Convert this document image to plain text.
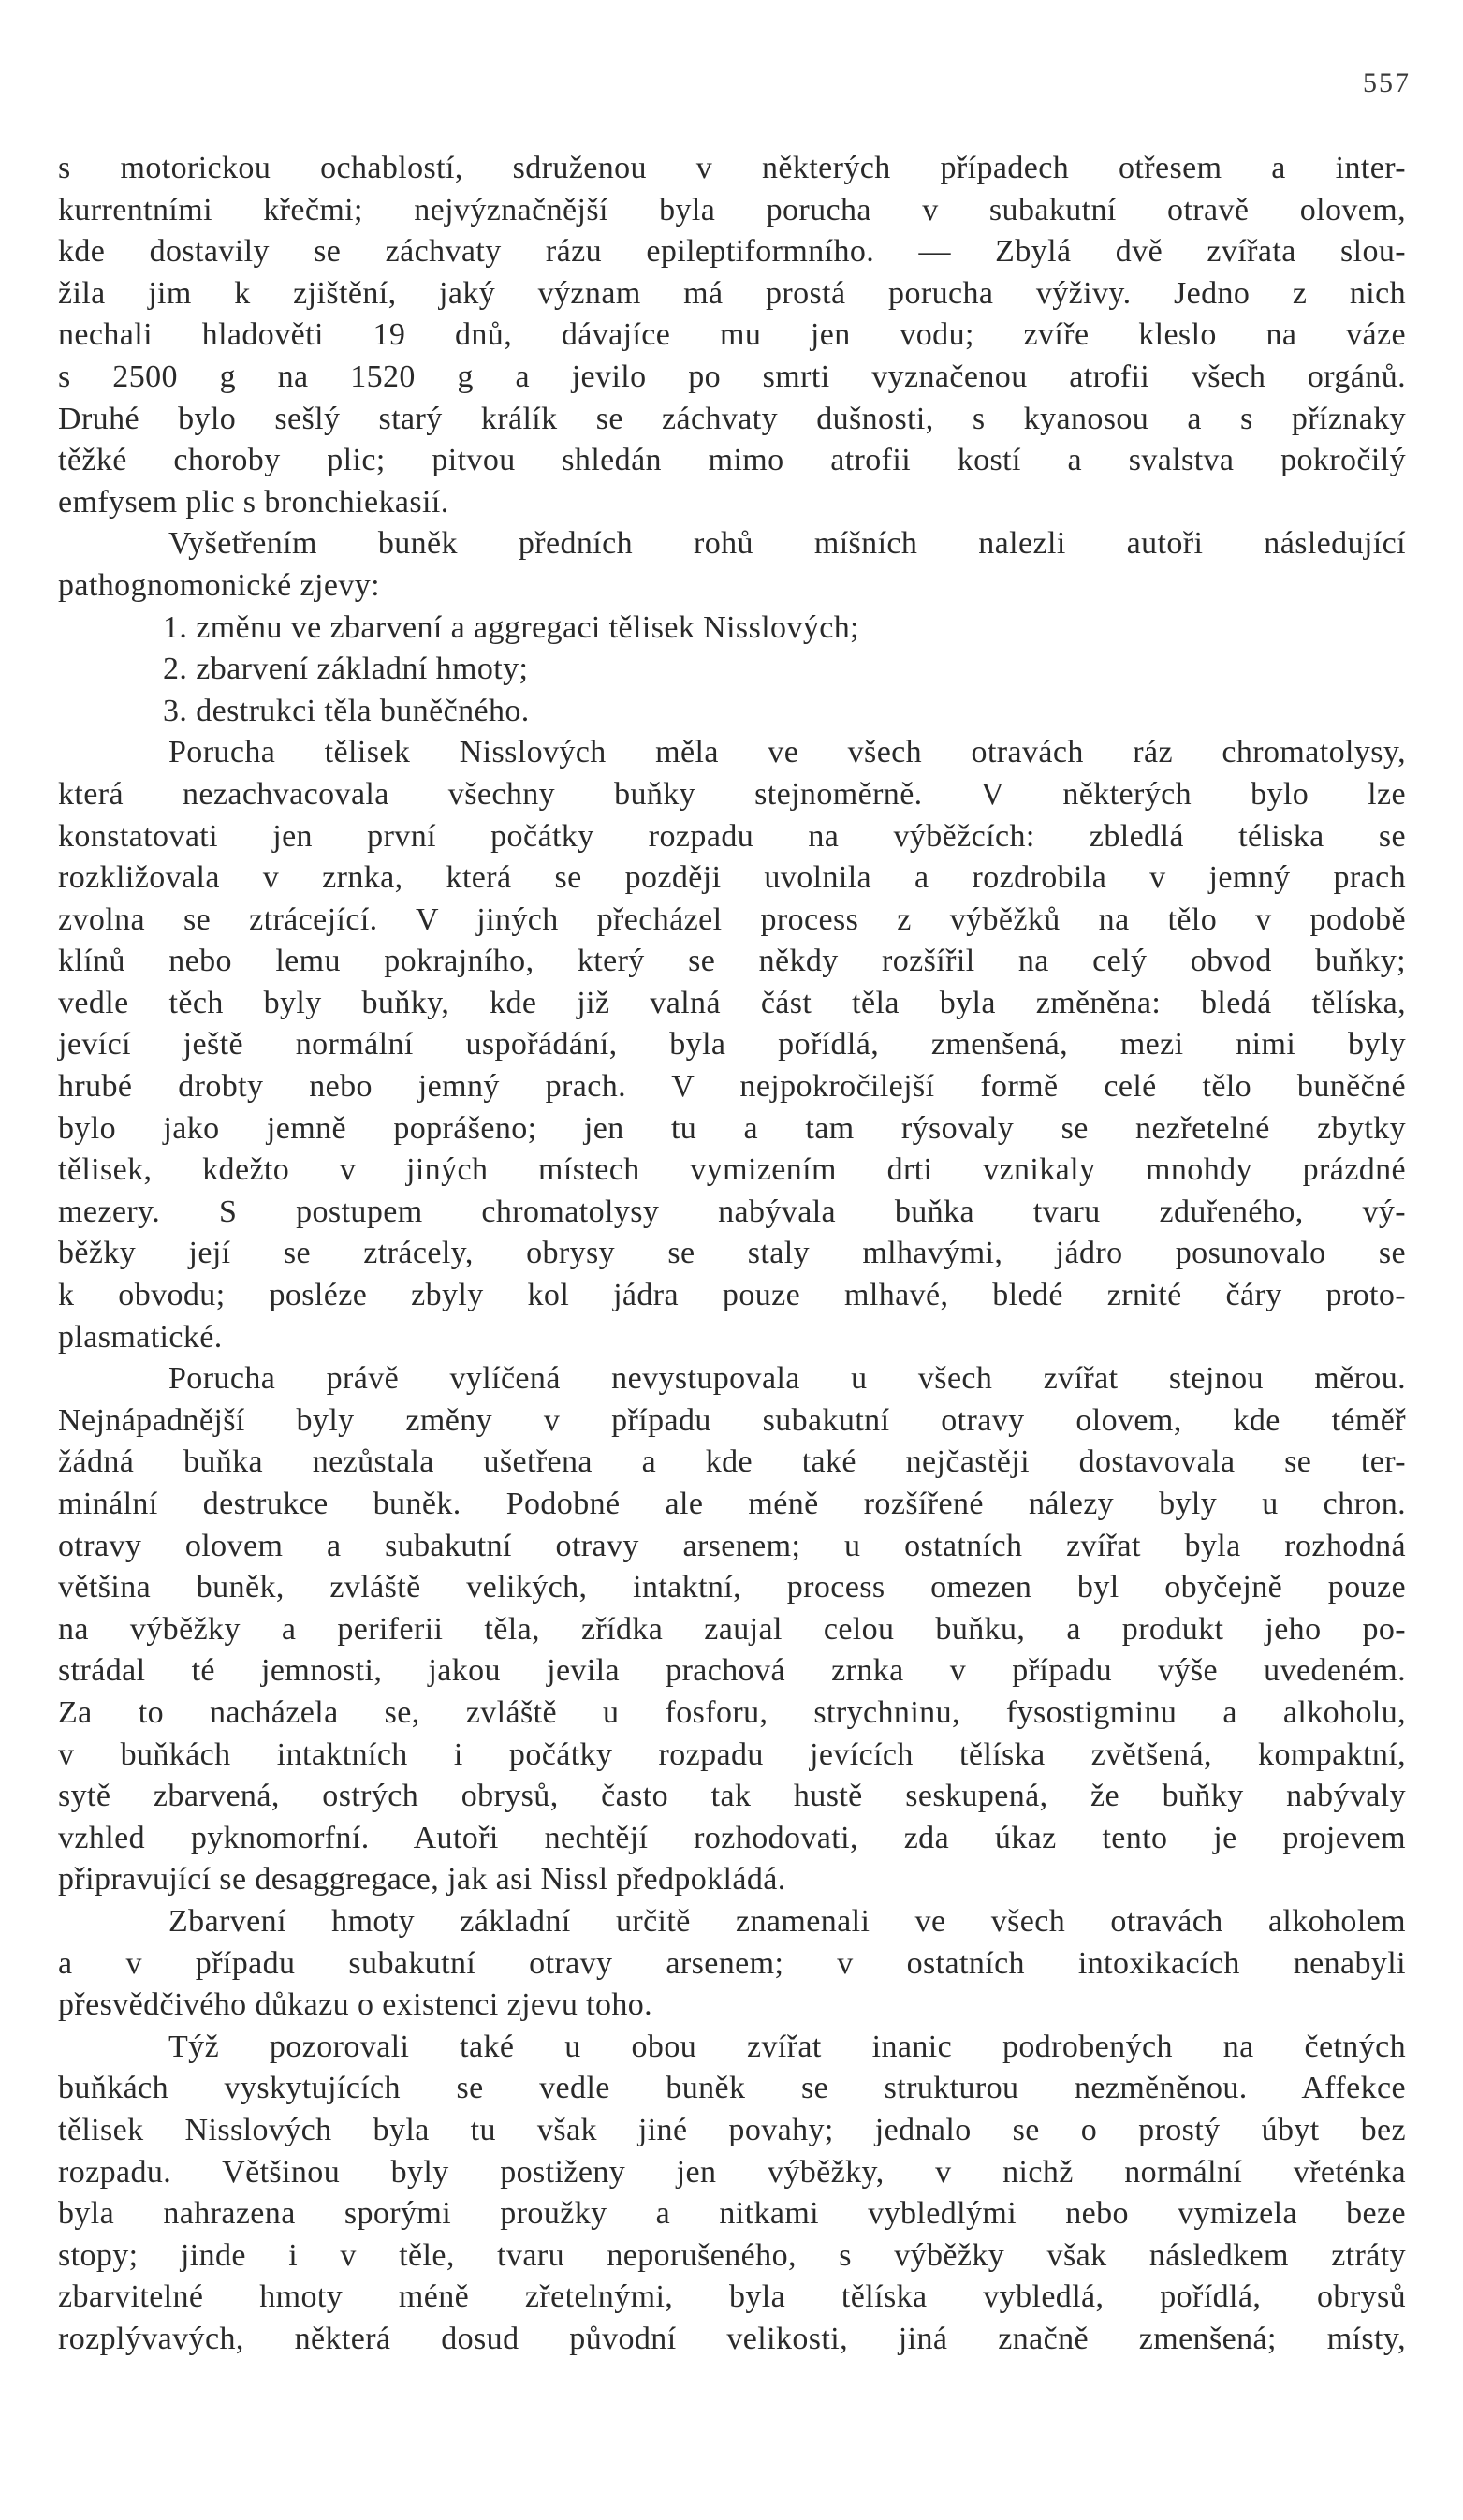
557
s motorickou ochablostí, sdruženou v některých případech otřesem a inter-
kurrentními křečmi; nejvýznačnější byla porucha v subakutní otravě olovem,
kde dostavily se záchvaty rázu epileptiformního. — Zbylá dvě zvířata slou-
žila jim k zjištění, jaký význam má prostá porucha výživy. Jedno z nich
nechali hladověti 19 dnů, dávajíce mu jen vodu; zvíře kleslo na váze
s 2500 g na 1520 g a jevilo po smrti vyznačenou atrofii všech orgánů.
Druhé bylo sešlý starý králík se záchvaty dušnosti, s kyanosou a s příznaky
těžké choroby plic; pitvou shledán mimo atrofii kostí a svalstva pokročilý
emfysem plic s bronchiekasií.
Vyšetřením buněk předních rohů míšních nalezli autoři následující
pathognomonické zjevy:
1. změnu ve zbarvení a aggregaci tělisek Nisslových;
2. zbarvení základní hmoty;
3. destrukci těla buněčného.
Porucha tělisek Nisslových měla ve všech otravách ráz chromatolysy,
která nezachvacovala všechny buňky stejnoměrně. V některých bylo lze
konstatovati jen první počátky rozpadu na výběžcích: zbledlá téliska se
rozkližovala v zrnka, která se později uvolnila a rozdrobila v jemný prach
zvolna se ztrácející. V jiných přecházel process z výběžků na tělo v podobě
klínů nebo lemu pokrajního, který se někdy rozšířil na celý obvod buňky;
vedle těch byly buňky, kde již valná část těla byla změněna: bledá tělíska,
jevící ještě normální uspořádání, byla pořídlá, zmenšená, mezi nimi byly
hrubé drobty nebo jemný prach. V nejpokročilejší formě celé tělo buněčné
bylo jako jemně poprášeno; jen tu a tam rýsovaly se nezřetelné zbytky
tělisek, kdežto v jiných místech vymizením drti vznikaly mnohdy prázdné
mezery. S postupem chromatolysy nabývala buňka tvaru zduřeného, vý-
běžky její se ztrácely, obrysy se staly mlhavými, jádro posunovalo se
k obvodu; posléze zbyly kol jádra pouze mlhavé, bledé zrnité čáry proto-
plasmatické.
Porucha právě vylíčená nevystupovala u všech zvířat stejnou měrou.
Nejnápadnější byly změny v případu subakutní otravy olovem, kde téměř
žádná buňka nezůstala ušetřena a kde také nejčastěji dostavovala se ter-
minální destrukce buněk. Podobné ale méně rozšířené nálezy byly u chron.
otravy olovem a subakutní otravy arsenem; u ostatních zvířat byla rozhodná
většina buněk, zvláště velikých, intaktní, process omezen byl obyčejně pouze
na výběžky a periferii těla, zřídka zaujal celou buňku, a produkt jeho po-
strádal té jemnosti, jakou jevila prachová zrnka v případu výše uvedeném.
Za to nacházela se, zvláště u fosforu, strychninu, fysostigminu a alkoholu,
v buňkách intaktních i počátky rozpadu jevících tělíska zvětšená, kompaktní,
sytě zbarvená, ostrých obrysů, často tak hustě seskupená, že buňky nabývaly
vzhled pyknomorfní. Autoři nechtějí rozhodovati, zda úkaz tento je projevem
připravující se desaggregace, jak asi Nissl předpokládá.
Zbarvení hmoty základní určitě znamenali ve všech otravách alkoholem
a v případu subakutní otravy arsenem; v ostatních intoxikacích nenabyli
přesvědčivého důkazu o existenci zjevu toho.
Týž pozorovali také u obou zvířat inanic podrobených na četných
buňkách vyskytujících se vedle buněk se strukturou nezměněnou. Affekce
tělisek Nisslových byla tu však jiné povahy; jednalo se o prostý úbyt bez
rozpadu. Většinou byly postiženy jen výběžky, v nichž normální vřeténka
byla nahrazena sporými proužky a nitkami vybledlými nebo vymizela beze
stopy; jinde i v těle, tvaru neporušeného, s výběžky však následkem ztráty
zbarvitelné hmoty méně zřetelnými, byla tělíska vybledlá, pořídlá, obrysů
rozplývavých, některá dosud původní velikosti, jiná značně zmenšená; místy,
